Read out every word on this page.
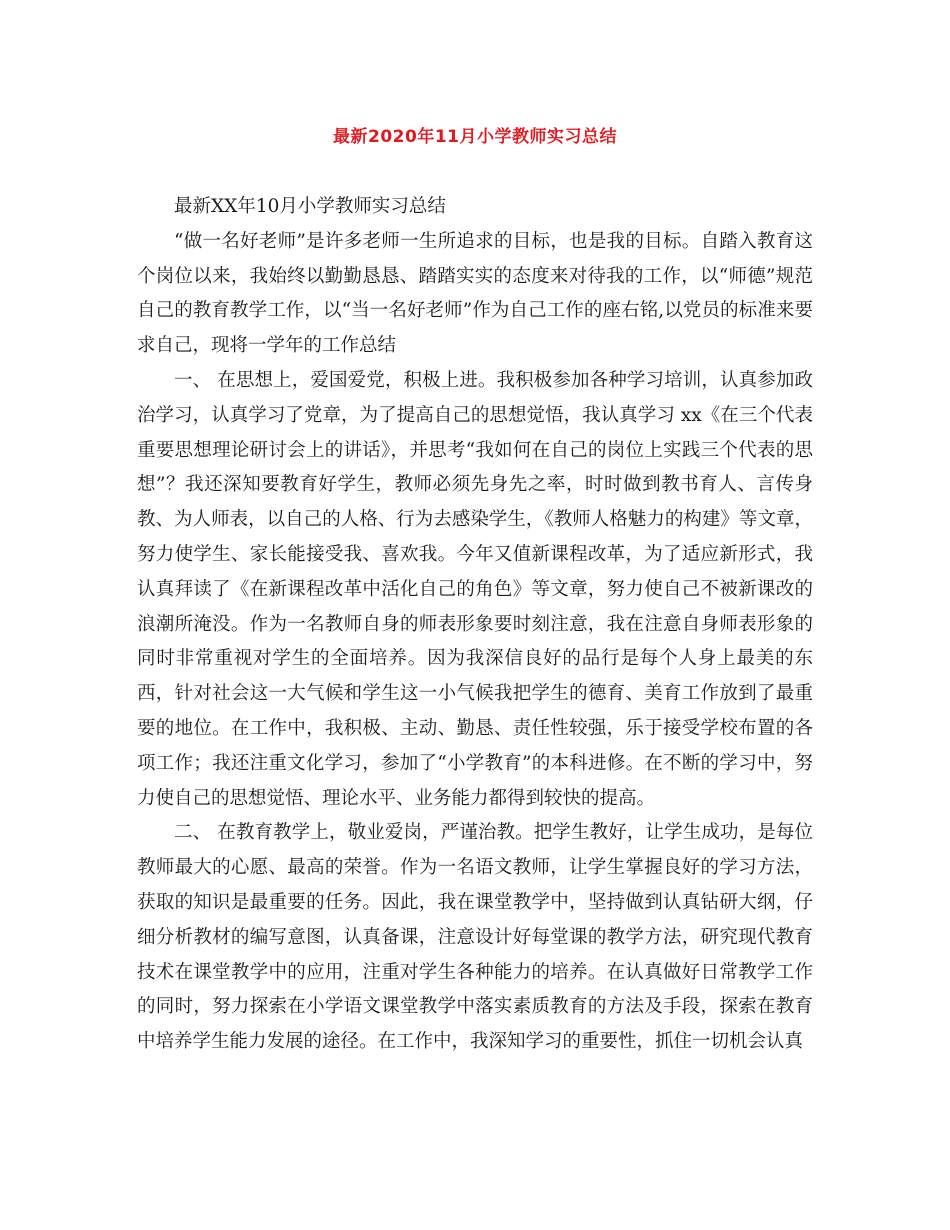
最新2020年11月小学教师实习总结

最新XX年10月小学教师实习总结

“做一名好老师”是许多老师一生所追求的目标，也是我的目标。自踏入教育这个岗位以来，我始终以勤勤恳恳、踏踏实实的态度来对待我的工作，以“师德”规范自己的教育教学工作，以“当一名好老师”作为自己工作的座右铭,以党员的标准来要求自己，现将一学年的工作总结

一、 在思想上，爱国爱党，积极上进。我积极参加各种学习培训，认真参加政治学习，认真学习了党章，为了提高自己的思想觉悟，我认真学习 xx《在三个代表重要思想理论研讨会上的讲话》，并思考“我如何在自己的岗位上实践三个代表的思想”？我还深知要教育好学生，教师必须先身先之率，时时做到教书育人、言传身教、为人师表，以自己的人格、行为去感染学生，《教师人格魅力的构建》等文章，努力使学生、家长能接受我、喜欢我。今年又值新课程改革，为了适应新形式，我认真拜读了《在新课程改革中活化自己的角色》等文章，努力使自己不被新课改的浪潮所淹没。作为一名教师自身的师表形象要时刻注意，我在注意自身师表形象的同时非常重视对学生的全面培养。因为我深信良好的品行是每个人身上最美的东西，针对社会这一大气候和学生这一小气候我把学生的德育、美育工作放到了最重要的地位。在工作中，我积极、主动、勤恳、责任性较强，乐于接受学校布置的各项工作；我还注重文化学习，参加了“小学教育”的本科进修。在不断的学习中，努力使自己的思想觉悟、理论水平、业务能力都得到较快的提高。

二、 在教育教学上，敬业爱岗，严谨治教。把学生教好，让学生成功，是每位教师最大的心愿、最高的荣誉。作为一名语文教师，让学生掌握良好的学习方法，获取的知识是最重要的任务。因此，我在课堂教学中，坚持做到认真钻研大纲，仔细分析教材的编写意图，认真备课，注意设计好每堂课的教学方法，研究现代教育技术在课堂教学中的应用，注重对学生各种能力的培养。在认真做好日常教学工作的同时，努力探索在小学语文课堂教学中落实素质教育的方法及手段，探索在教育中培养学生能力发展的途径。在工作中，我深知学习的重要性，抓住一切机会认真
